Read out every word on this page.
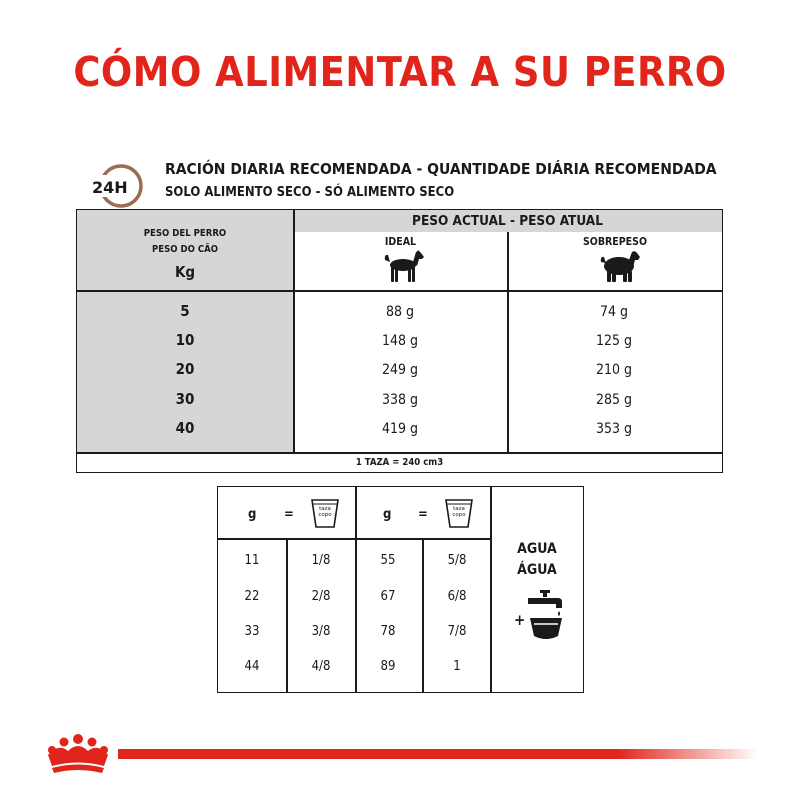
CÓMO ALIMENTAR A SU PERRO
24H
RACIÓN DIARIA RECOMENDADA - QUANTIDADE DIÁRIA RECOMENDADA
SOLO ALIMENTO SECO - SÓ ALIMENTO SECO
PESO ACTUAL - PESO ATUAL
PESO DEL PERRO
PESO DO CÃO
Kg
IDEAL	SOBREPESO
5	88 g	74 g
10	148 g	125 g
20	249 g	210 g
30	338 g	285 g
40	419 g	353 g
1 TAZA = 240 cm3
g =	taza
copo	g =	taza
copo
11	1/8	55	5/8
22	2/8	67	6/8
33	3/8	78	7/8
44	4/8	89	1
AGUA
ÁGUA
+
